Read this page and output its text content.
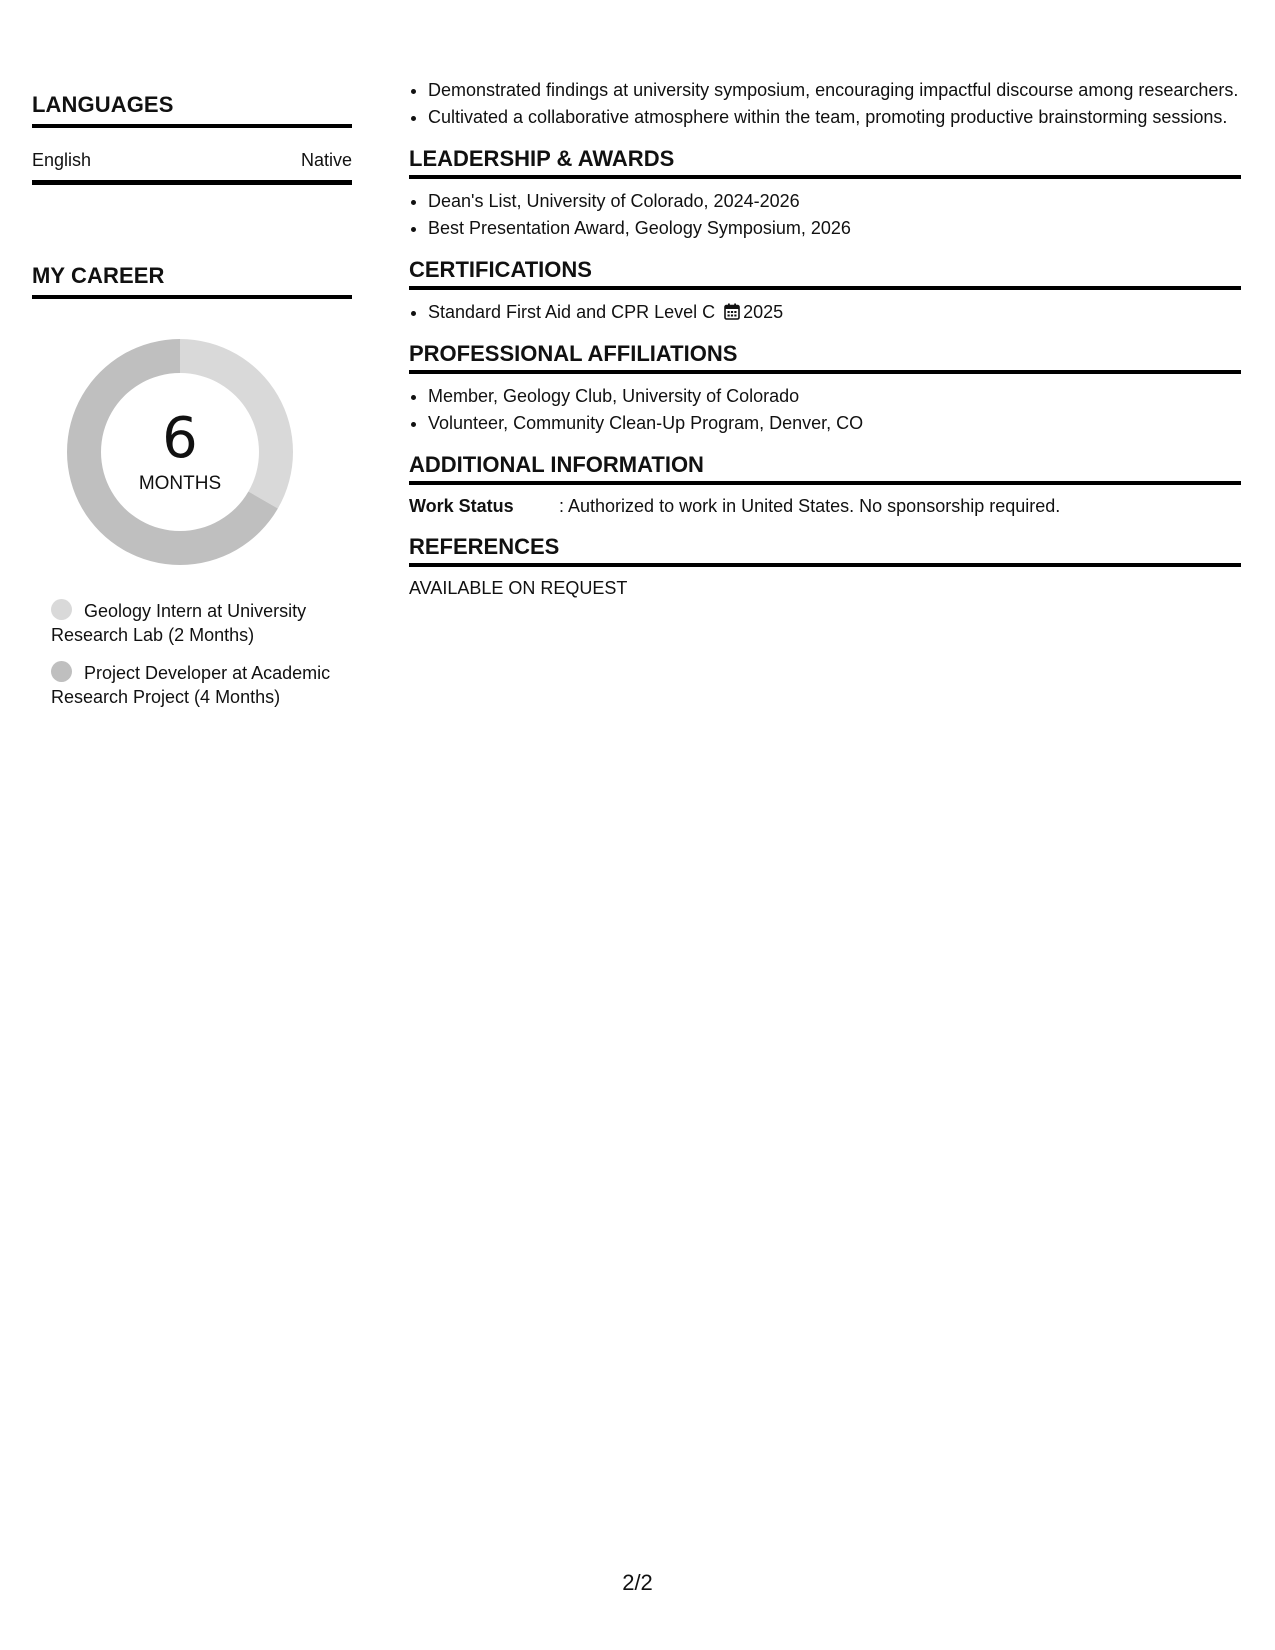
LANGUAGES
English	Native
MY CAREER
6
MONTHS
Geology Intern at University Research Lab (2 Months)
Project Developer at Academic Research Project (4 Months)
• Demonstrated findings at university symposium, encouraging impactful discourse among researchers.
• Cultivated a collaborative atmosphere within the team, promoting productive brainstorming sessions.
LEADERSHIP & AWARDS
• Dean's List, University of Colorado, 2024-2026
• Best Presentation Award, Geology Symposium, 2026
CERTIFICATIONS
• Standard First Aid and CPR Level C 2025
PROFESSIONAL AFFILIATIONS
• Member, Geology Club, University of Colorado
• Volunteer, Community Clean-Up Program, Denver, CO
ADDITIONAL INFORMATION
Work Status	: Authorized to work in United States. No sponsorship required.
REFERENCES
AVAILABLE ON REQUEST
2/2
